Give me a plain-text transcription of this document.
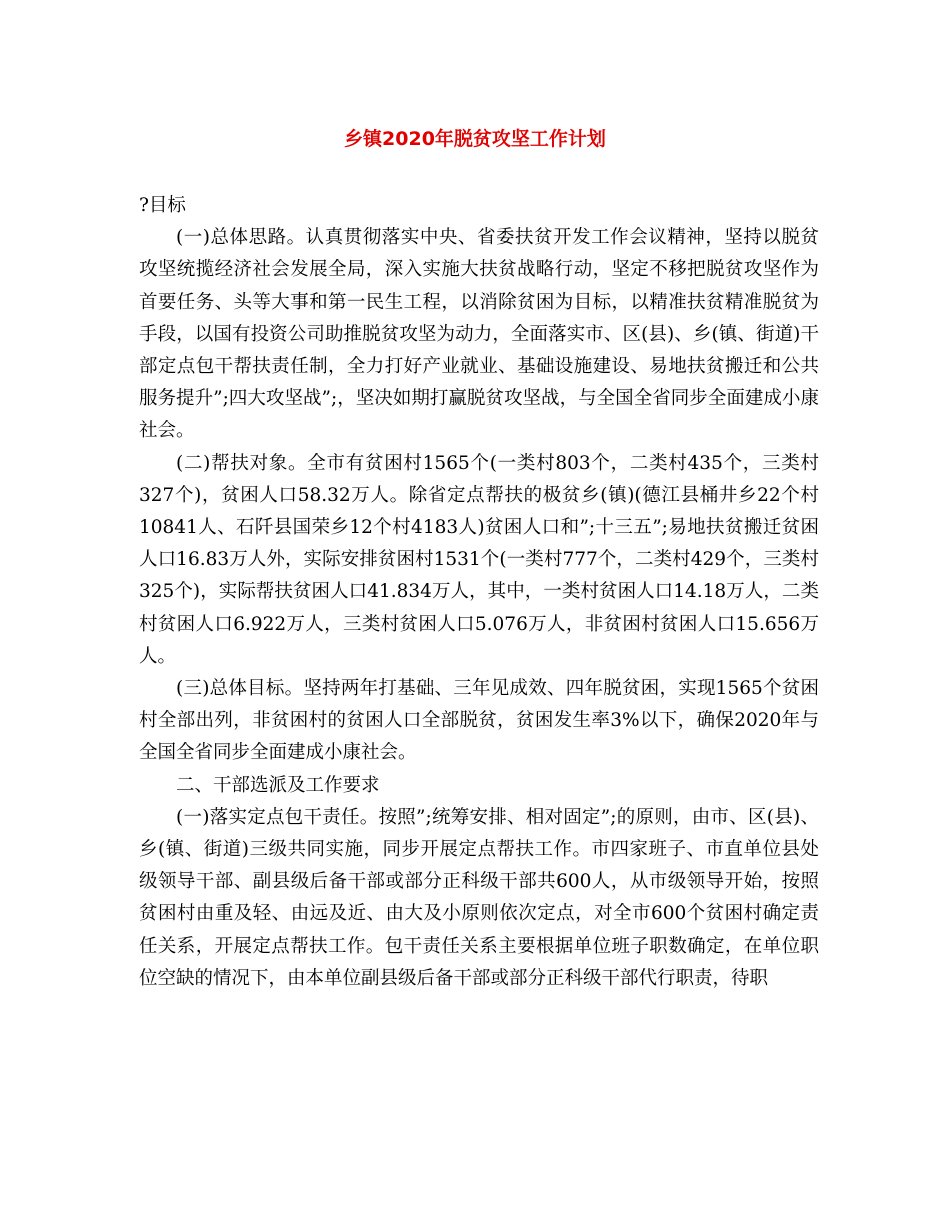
乡镇2020年脱贫攻坚工作计划

?目标

(一)总体思路。认真贯彻落实中央、省委扶贫开发工作会议精神，坚持以脱贫攻坚统揽经济社会发展全局，深入实施大扶贫战略行动，坚定不移把脱贫攻坚作为首要任务、头等大事和第一民生工程，以消除贫困为目标，以精准扶贫精准脱贫为手段，以国有投资公司助推脱贫攻坚为动力，全面落实市、区(县)、乡(镇、街道)干部定点包干帮扶责任制，全力打好产业就业、基础设施建设、易地扶贫搬迁和公共服务提升”;四大攻坚战”;，坚决如期打赢脱贫攻坚战，与全国全省同步全面建成小康社会。

(二)帮扶对象。全市有贫困村1565个(一类村803个，二类村435个，三类村327个)，贫困人口58.32万人。除省定点帮扶的极贫乡(镇)(德江县桶井乡22个村10841人、石阡县国荣乡12个村4183人)贫困人口和”;十三五”;易地扶贫搬迁贫困人口16.83万人外，实际安排贫困村1531个(一类村777个，二类村429个，三类村325个)，实际帮扶贫困人口41.834万人，其中，一类村贫困人口14.18万人，二类村贫困人口6.922万人，三类村贫困人口5.076万人，非贫困村贫困人口15.656万人。

(三)总体目标。坚持两年打基础、三年见成效、四年脱贫困，实现1565个贫困村全部出列，非贫困村的贫困人口全部脱贫，贫困发生率3%以下，确保2020年与全国全省同步全面建成小康社会。

二、干部选派及工作要求

(一)落实定点包干责任。按照”;统筹安排、相对固定”;的原则，由市、区(县)、乡(镇、街道)三级共同实施，同步开展定点帮扶工作。市四家班子、市直单位县处级领导干部、副县级后备干部或部分正科级干部共600人，从市级领导开始，按照贫困村由重及轻、由远及近、由大及小原则依次定点，对全市600个贫困村确定责任关系，开展定点帮扶工作。包干责任关系主要根据单位班子职数确定，在单位职位空缺的情况下，由本单位副县级后备干部或部分正科级干部代行职责，待职
